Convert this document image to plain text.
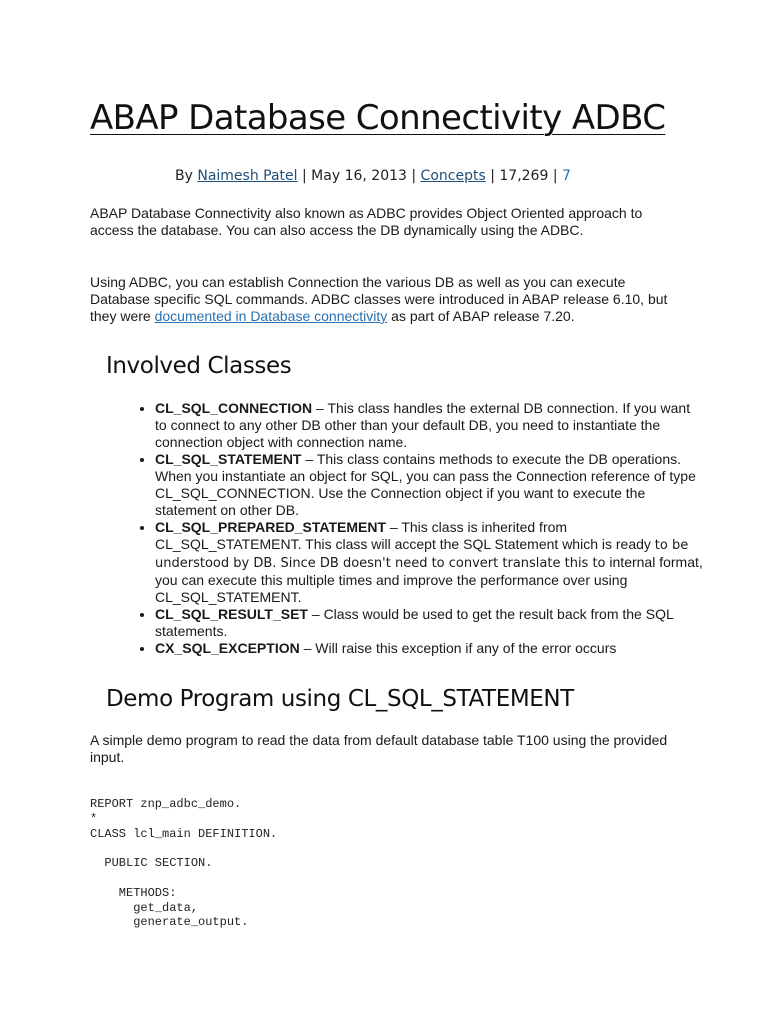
ABAP Database Connectivity ADBC
By Naimesh Patel | May 16, 2013 | Concepts | 17,269 | 7

ABAP Database Connectivity also known as ADBC provides Object Oriented approach to access the database. You can also access the DB dynamically using the ADBC.

Using ADBC, you can establish Connection the various DB as well as you can execute Database specific SQL commands. ADBC classes were introduced in ABAP release 6.10, but they were documented in Database connectivity as part of ABAP release 7.20.

Involved Classes
• CL_SQL_CONNECTION – This class handles the external DB connection. If you want to connect to any other DB other than your default DB, you need to instantiate the connection object with connection name.
• CL_SQL_STATEMENT – This class contains methods to execute the DB operations. When you instantiate an object for SQL, you can pass the Connection reference of type CL_SQL_CONNECTION. Use the Connection object if you want to execute the statement on other DB.
• CL_SQL_PREPARED_STATEMENT – This class is inherited from CL_SQL_STATEMENT. This class will accept the SQL Statement which is ready to be understood by DB. Since DB doesn't need to convert translate this to internal format, you can execute this multiple times and improve the performance over using CL_SQL_STATEMENT.
• CL_SQL_RESULT_SET – Class would be used to get the result back from the SQL statements.
• CX_SQL_EXCEPTION – Will raise this exception if any of the error occurs
Demo Program using CL_SQL_STATEMENT

A simple demo program to read the data from default database table T100 using the provided input.

REPORT znp_adbc_demo.
*
CLASS lcl_main DEFINITION.

PUBLIC SECTION.

METHODS:
get_data,
generate_output.
